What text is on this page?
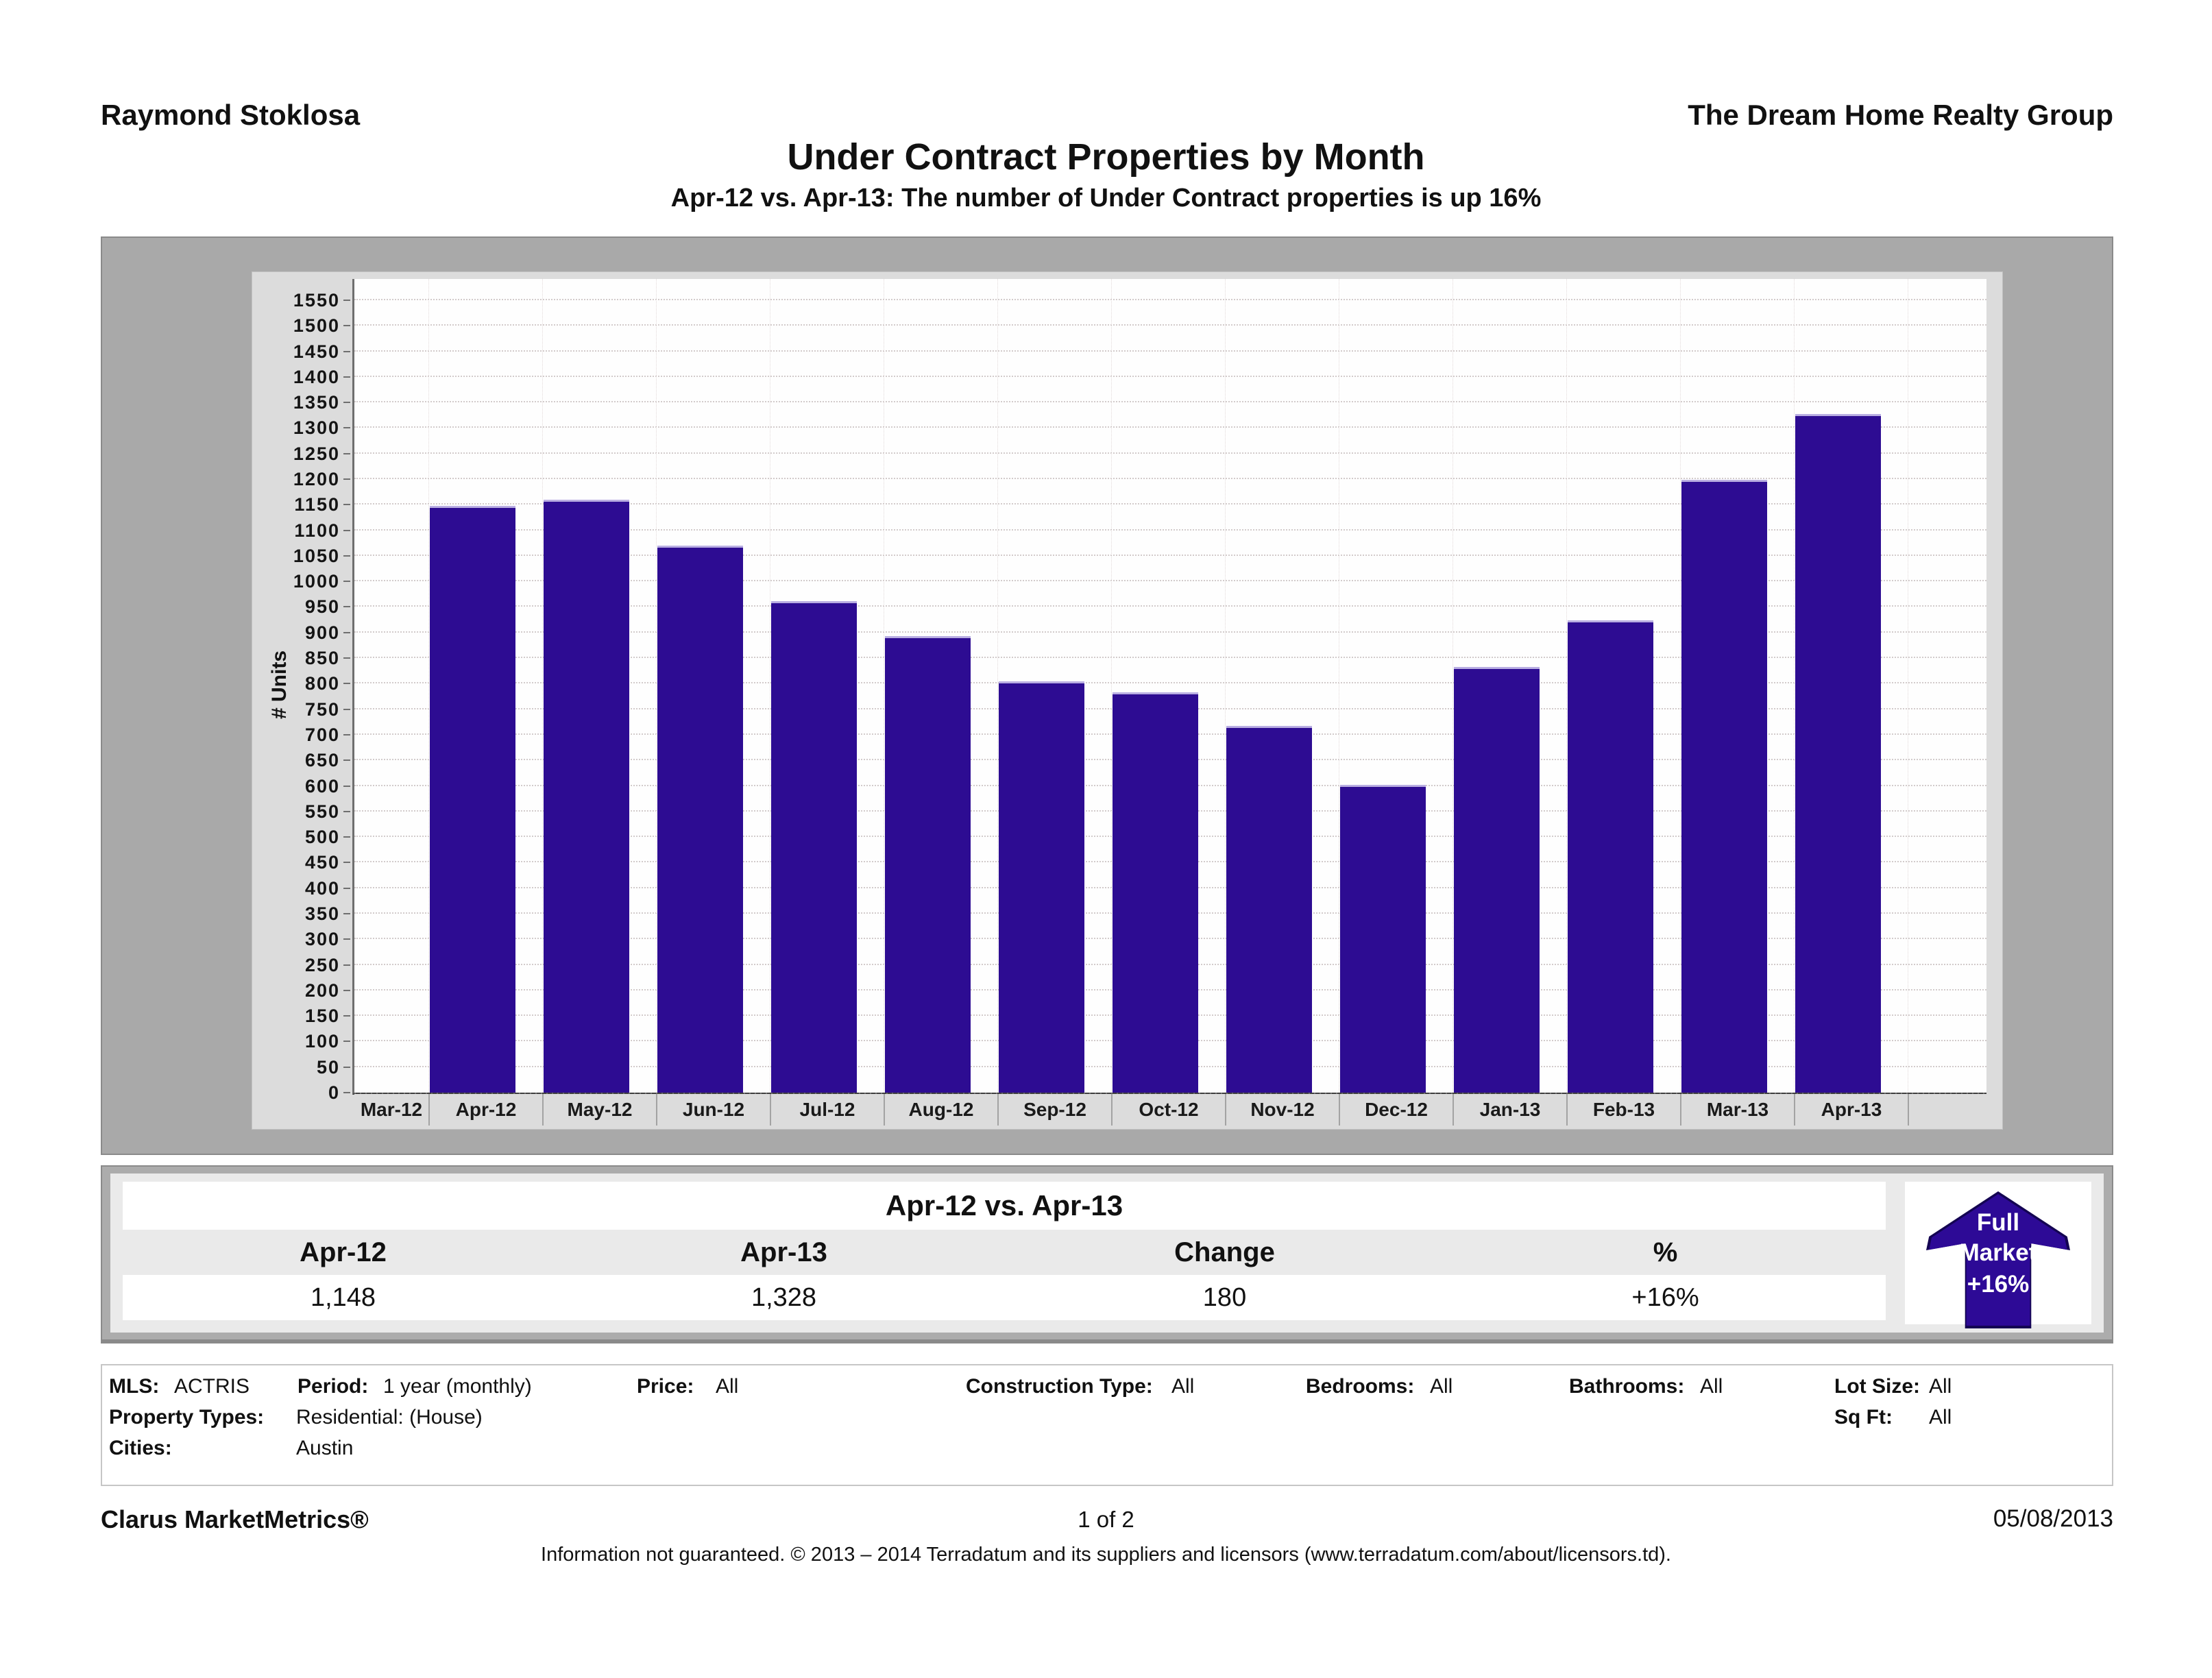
Raymond Stoklosa	The Dream Home Realty Group
Under Contract Properties by Month
Apr-12 vs. Apr-13: The number of Under Contract properties is up 16%
# Units
0
50
100
150
200
250
300
350
400
450
500
550
600
650
700
750
800
850
900
950
1000
1050
1100
1150
1200
1250
1300
1350
1400
1450
1500
1550
Mar-12 Apr-12	May-12	Jun-12	Jul-12	Aug-12	Sep-12	Oct-12	Nov-12	Dec-12	Jan-13	Feb-13	Mar-13	Apr-13
Apr-12 vs. Apr-13
Apr-12	Apr-13	Change	%
1,148	1,328	180	+16%
Full
Market
+16%
MLS: ACTRIS Period: 1 year (monthly)	Price: All	Construction Type: All	Bedrooms: All	Bathrooms: All	Lot Size: All
Property Types: Residential: (House)	Sq Ft: All
Cities:	Austin
Clarus MarketMetrics®	1 of 2	05/08/2013
Information not guaranteed. © 2013 – 2014 Terradatum and its suppliers and licensors (www.terradatum.com/about/licensors.td).
